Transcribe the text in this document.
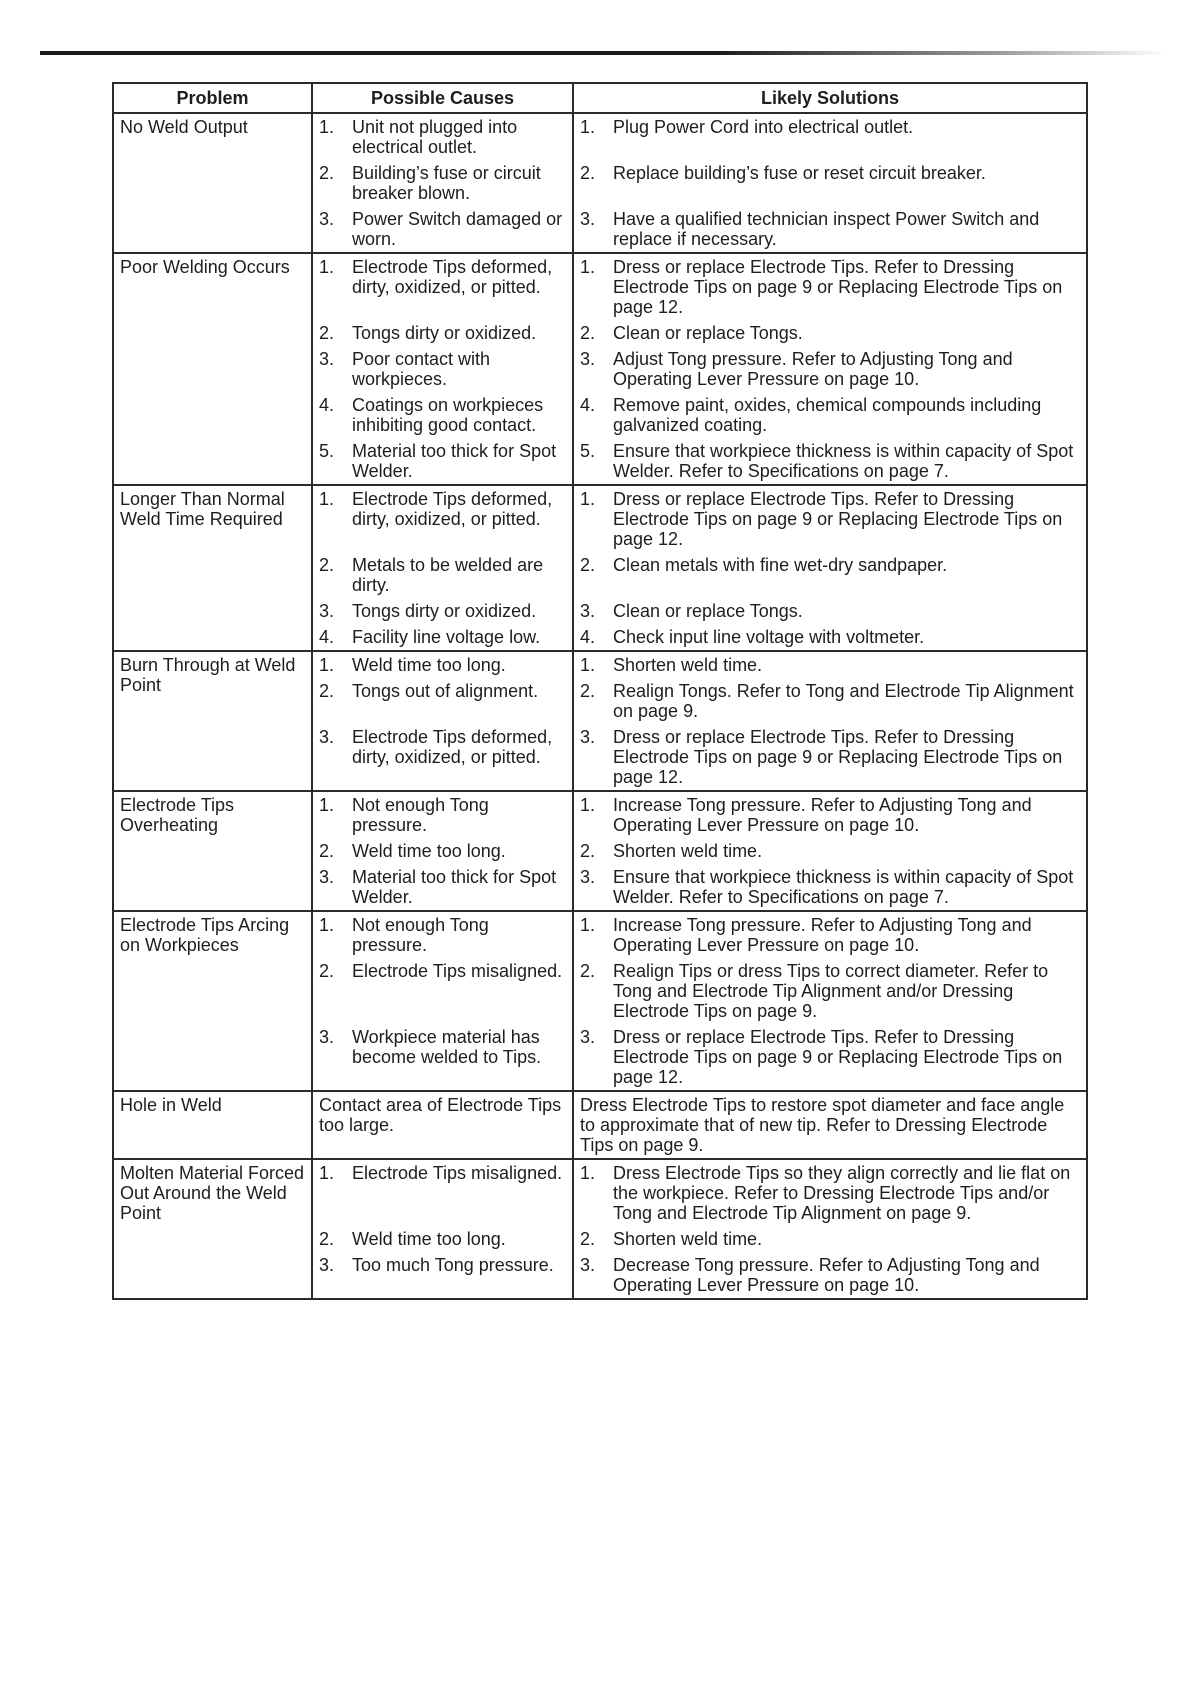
Problem	Possible Causes	Likely Solutions
No Weld Output	1. Unit not plugged into electrical outlet.	1. Plug Power Cord into electrical outlet.

	2. Building’s fuse or circuit breaker blown.	2. Replace building’s fuse or reset circuit breaker.

	3. Power Switch damaged or worn.	3. Have a qualified technician inspect Power Switch and replace if necessary.

Poor Welding Occurs	1. Electrode Tips deformed, dirty, oxidized, or pitted.	1. Dress or replace Electrode Tips. Refer to Dressing Electrode Tips on page 9 or Replacing Electrode Tips on page 12.

	2. Tongs dirty or oxidized.	2. Clean or replace Tongs.

	3. Poor contact with workpieces.	3. Adjust Tong pressure. Refer to Adjusting Tong and Operating Lever Pressure on page 10.

	4. Coatings on workpieces inhibiting good contact.	4. Remove paint, oxides, chemical compounds including galvanized coating.

	5. Material too thick for Spot Welder.	5. Ensure that workpiece thickness is within capacity of Spot Welder. Refer to Specifications on page 7.

Longer Than Normal Weld Time Required	1. Electrode Tips deformed, dirty, oxidized, or pitted.	1. Dress or replace Electrode Tips. Refer to Dressing Electrode Tips on page 9 or Replacing Electrode Tips on page 12.

	2. Metals to be welded are dirty.	2. Clean metals with fine wet-dry sandpaper.

	3. Tongs dirty or oxidized.	3. Clean or replace Tongs.

	4. Facility line voltage low.	4. Check input line voltage with voltmeter.

Burn Through at Weld Point	1. Weld time too long.	1. Shorten weld time.

	2. Tongs out of alignment.	2. Realign Tongs. Refer to Tong and Electrode Tip Alignment on page 9.

	3. Electrode Tips deformed, dirty, oxidized, or pitted.	3. Dress or replace Electrode Tips. Refer to Dressing Electrode Tips on page 9 or Replacing Electrode Tips on page 12.

Electrode Tips Overheating	1. Not enough Tong pressure.	1. Increase Tong pressure. Refer to Adjusting Tong and Operating Lever Pressure on page 10.

	2. Weld time too long.	2. Shorten weld time.

	3. Material too thick for Spot Welder.	3. Ensure that workpiece thickness is within capacity of Spot Welder. Refer to Specifications on page 7.

Electrode Tips Arcing on Workpieces	1. Not enough Tong pressure.	1. Increase Tong pressure. Refer to Adjusting Tong and Operating Lever Pressure on page 10.

	2. Electrode Tips misaligned.	2. Realign Tips or dress Tips to correct diameter. Refer to Tong and Electrode Tip Alignment and/or Dressing Electrode Tips on page 9.

	3. Workpiece material has become welded to Tips.	3. Dress or replace Electrode Tips. Refer to Dressing Electrode Tips on page 9 or Replacing Electrode Tips on page 12.

Hole in Weld	Contact area of Electrode Tips too large.	Dress Electrode Tips to restore spot diameter and face angle to approximate that of new tip. Refer to Dressing Electrode Tips on page 9.

Molten Material Forced Out Around the Weld Point	1. Electrode Tips misaligned.	1. Dress Electrode Tips so they align correctly and lie flat on the workpiece. Refer to Dressing Electrode Tips and/or Tong and Electrode Tip Alignment on page 9.

	2. Weld time too long.	2. Shorten weld time.

	3. Too much Tong pressure.	3. Decrease Tong pressure. Refer to Adjusting Tong and Operating Lever Pressure on page 10.
